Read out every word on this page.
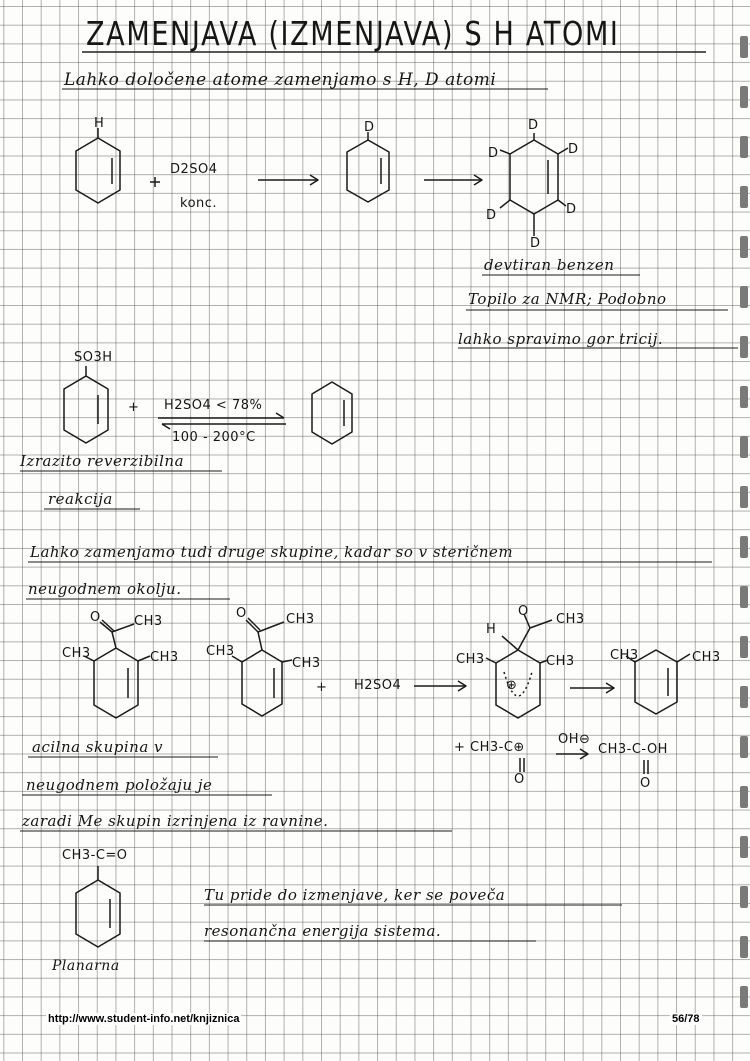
ZAMENJAVA (IZMENJAVA) S H ATOMI
Lahko določene atome zamenjamo s H, D atomi
devtiran benzen
Topilo za NMR; Podobno
lahko spravimo gor tricij.
Izrazito reverzibilna
reakcija
Lahko zamenjamo tudi druge skupine, kadar so v steričnem
neugodnem okolju.
acilna skupina v
neugodnem položaju je
zaradi Me skupin izrinjena iz ravnine.
Tu pride do izmenjave, ker se poveča
resonančna energija sistema.
Planarna
H
D2SO4
konc.
D	D
D	D
D	D
D
SO3H
+ H2SO4 < 78%
100 - 200°C
O	CH3
CH3	CH3
O	CH3
CH3
CH3
+ H2SO4
H
O
CH3
CH3	CH3
⊕
CH3	CH3
+ CH3-C⊕
O
OH⊖
CH3-C-OH
O
CH3-C=O
http://www.student-info.net/knjiznica	56/78
